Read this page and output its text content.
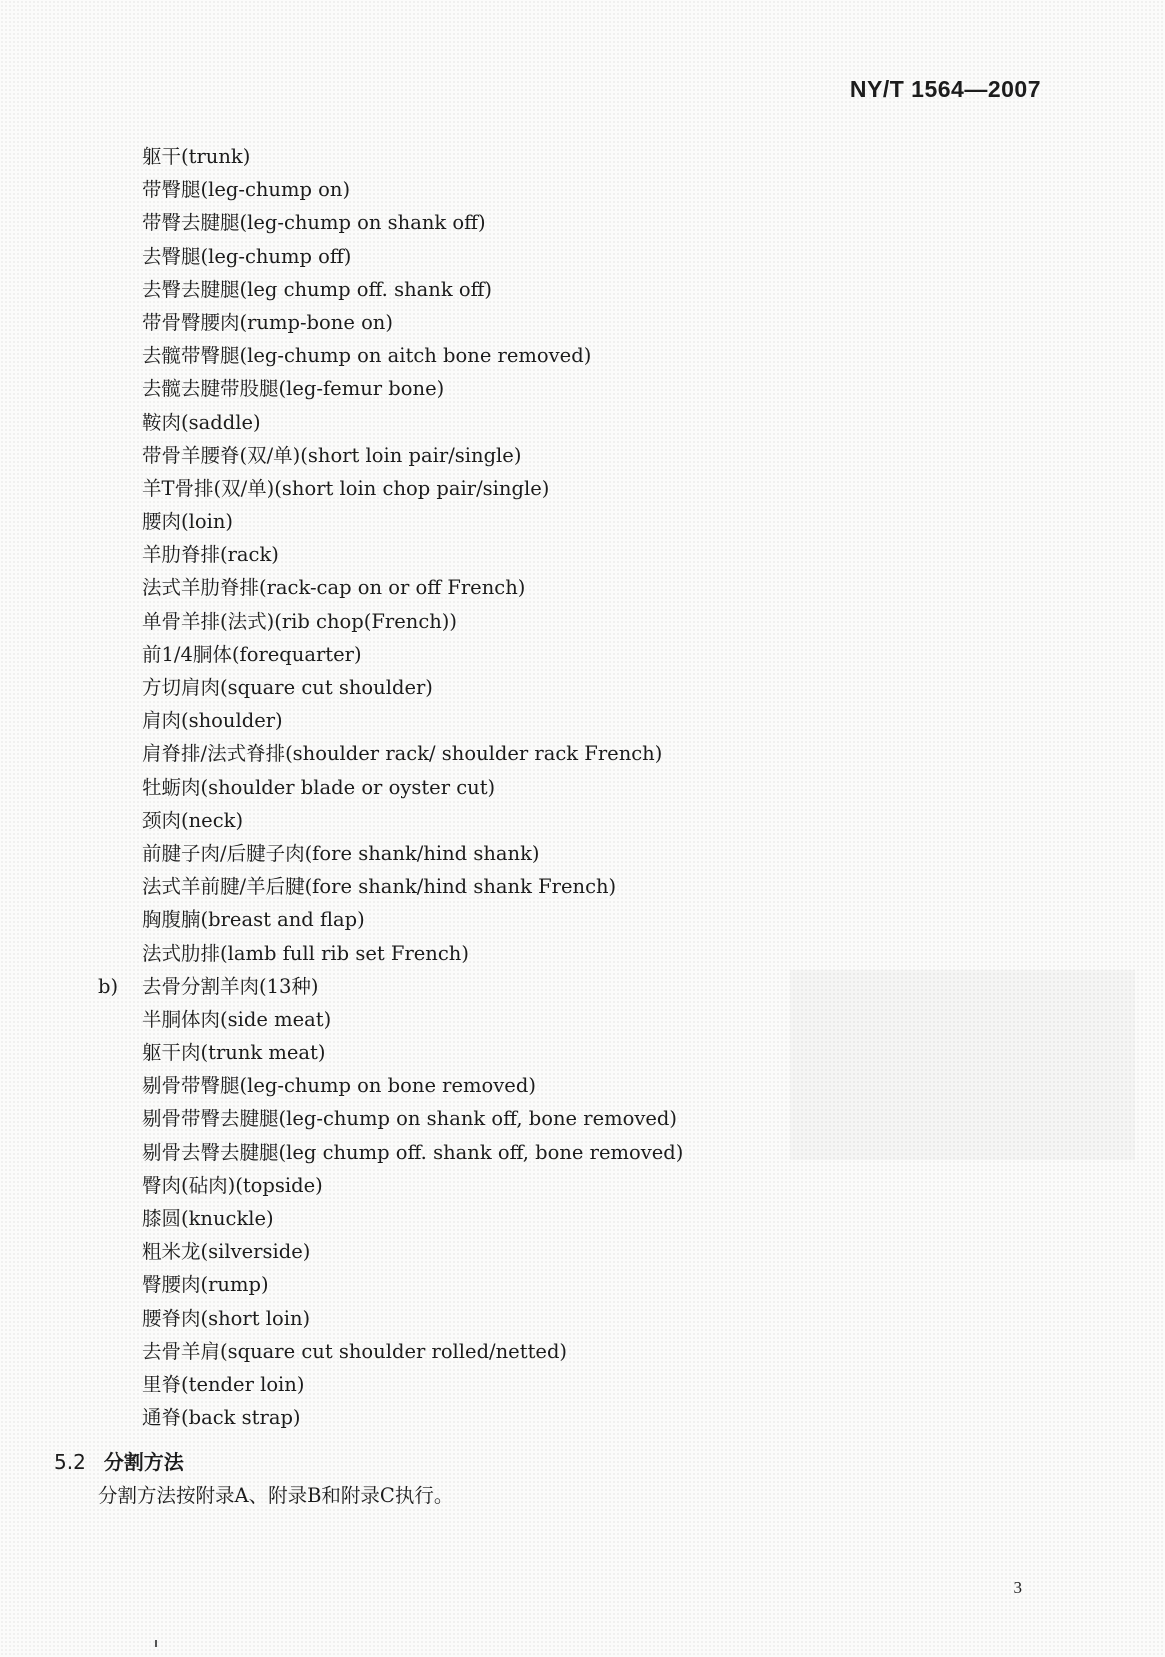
NY/T 1564—2007
躯干(trunk)
带臀腿(leg-chump on)
带臀去腱腿(leg-chump on shank off)
去臀腿(leg-chump off)
去臀去腱腿(leg chump off. shank off)
带骨臀腰肉(rump-bone on)
去髋带臀腿(leg-chump on aitch bone removed)
去髋去腱带股腿(leg-femur bone)
鞍肉(saddle)
带骨羊腰脊(双/单)(short loin pair/single)
羊T骨排(双/单)(short loin chop pair/single)
腰肉(loin)
羊肋脊排(rack)
法式羊肋脊排(rack-cap on or off French)
单骨羊排(法式)(rib chop(French))
前1/4胴体(forequarter)
方切肩肉(square cut shoulder)
肩肉(shoulder)
肩脊排/法式脊排(shoulder rack/ shoulder rack French)
牡蛎肉(shoulder blade or oyster cut)
颈肉(neck)
前腱子肉/后腱子肉(fore shank/hind shank)
法式羊前腱/羊后腱(fore shank/hind shank French)
胸腹腩(breast and flap)
法式肋排(lamb full rib set French)
b) 去骨分割羊肉(13种)
半胴体肉(side meat)
躯干肉(trunk meat)
剔骨带臀腿(leg-chump on bone removed)
剔骨带臀去腱腿(leg-chump on shank off, bone removed)
剔骨去臀去腱腿(leg chump off. shank off, bone removed)
臀肉(砧肉)(topside)
膝圆(knuckle)
粗米龙(silverside)
臀腰肉(rump)
腰脊肉(short loin)
去骨羊肩(square cut shoulder rolled/netted)
里脊(tender loin)
通脊(back strap)
5.2 分割方法
分割方法按附录A、附录B和附录C执行。
3
